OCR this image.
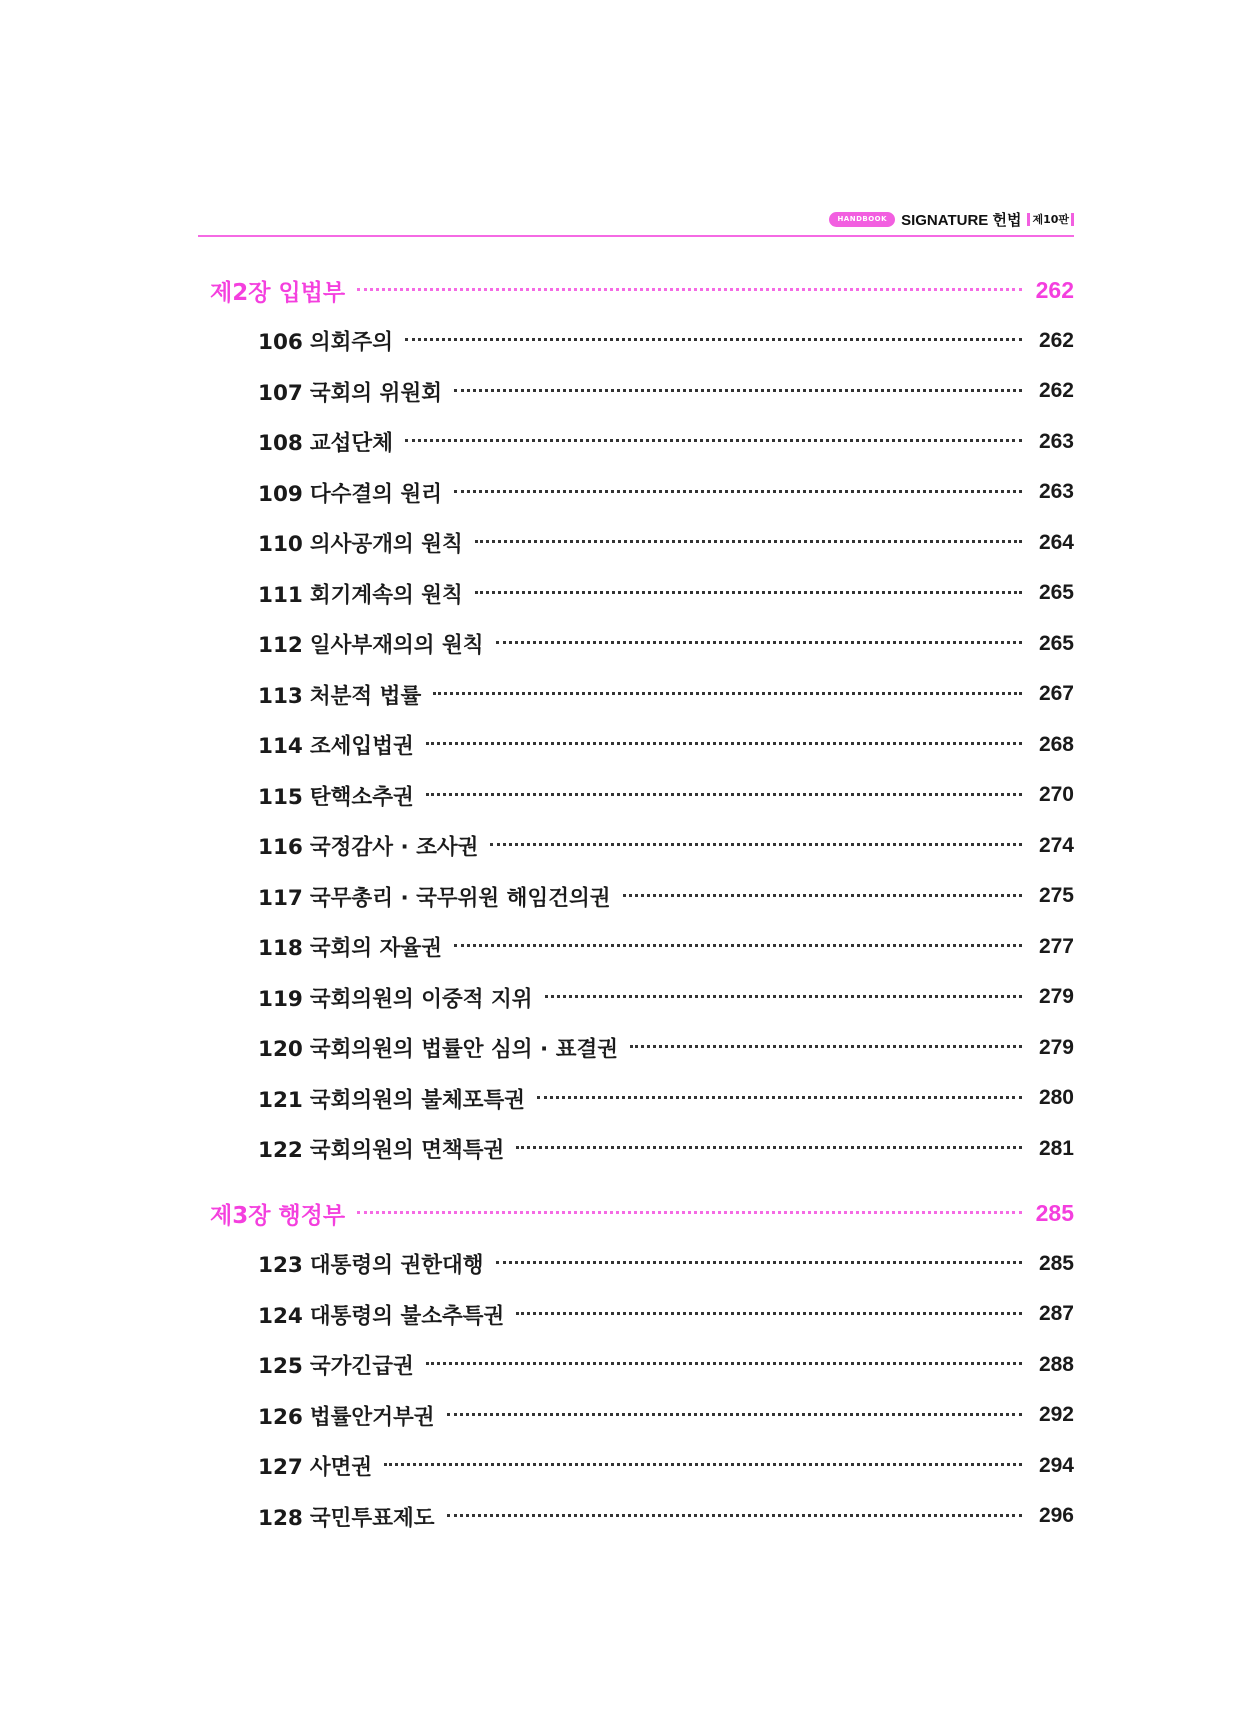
HANDBOOK SIGNATURE 헌법	제10판
제2장 입법부	262
106 의회주의	262
107 국회의 위원회	262
108 교섭단체	263
109 다수결의 원리	263
110 의사공개의 원칙	264
111 회기계속의 원칙	265
112 일사부재의의 원칙	265
113 처분적 법률	267
114 조세입법권	268
115 탄핵소추권	270
116 국정감사 · 조사권	274
117 국무총리 · 국무위원 해임건의권	275
118 국회의 자율권	277
119 국회의원의 이중적 지위	279
120 국회의원의 법률안 심의 · 표결권	279
121 국회의원의 불체포특권	280
122 국회의원의 면책특권	281
제3장 행정부	285
123 대통령의 권한대행	285
124 대통령의 불소추특권	287
125 국가긴급권	288
126 법률안거부권	292
127 사면권	294
128 국민투표제도	296
